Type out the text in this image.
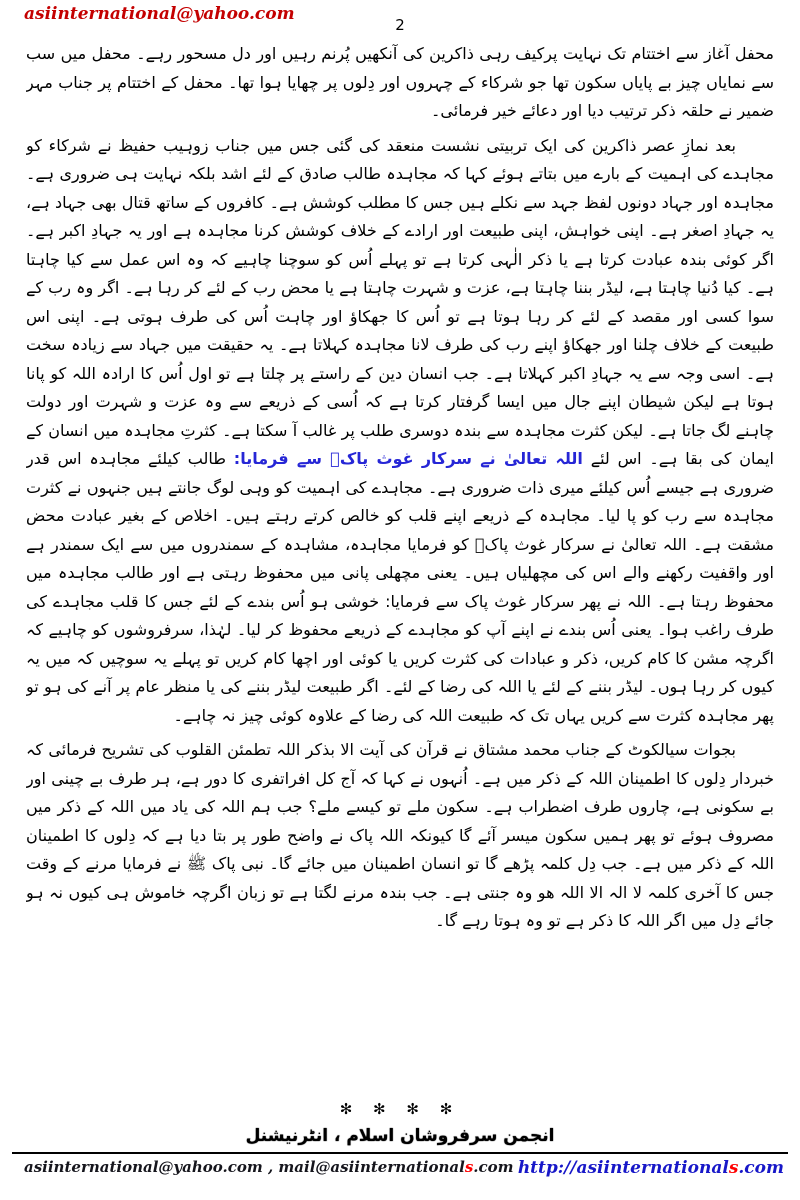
asiinternational@yahoo.com
2

محفل آغاز سے اختتام تک نہایت پرکیف رہی ذاکرین کی آنکھیں پُرنم رہیں اور دل مسحور رہے۔ محفل میں سب سے نمایاں چیز بے پایاں سکون تھا جو شرکاء کے چہروں اور دِلوں پر چھایا ہوا تھا۔ محفل کے اختتام پر جناب مہر ضمیر نے حلقہ ذکر ترتیب دیا اور دعائے خیر فرمائی۔

بعد نمازِ عصر ذاکرین کی ایک تربیتی نشست منعقد کی گئی جس میں جناب زوہیب حفیظ نے شرکاء کو مجاہدے کی اہمیت کے بارے میں بتاتے ہوئے کہا کہ مجاہدہ طالب صادق کے لئے اشد بلکہ نہایت ہی ضروری ہے۔ مجاہدہ اور جہاد دونوں لفظ جہد سے نکلے ہیں جس کا مطلب کوشش ہے۔ کافروں کے ساتھ قتال بھی جہاد ہے، یہ جہادِ اصغر ہے۔ اپنی خواہش، اپنی طبیعت اور ارادے کے خلاف کوشش کرنا مجاہدہ ہے اور یہ جہادِ اکبر ہے۔ اگر کوئی بندہ عبادت کرتا ہے یا ذکر الٰہی کرتا ہے تو پہلے اُس کو سوچنا چاہیے کہ وہ اس عمل سے کیا چاہتا ہے۔ کیا دُنیا چاہتا ہے، لیڈر بننا چاہتا ہے، عزت و شہرت چاہتا ہے یا محض رب کے لئے کر رہا ہے۔ اگر وہ رب کے سوا کسی اور مقصد کے لئے کر رہا ہوتا ہے تو اُس کا جھکاؤ اور چاہت اُس کی طرف ہوتی ہے۔ اپنی اس طبیعت کے خلاف چلنا اور جھکاؤ اپنے رب کی طرف لانا مجاہدہ کہلاتا ہے۔ یہ حقیقت میں جہاد سے زیادہ سخت ہے۔ اسی وجہ سے یہ جہادِ اکبر کہلاتا ہے۔ جب انسان دین کے راستے پر چلتا ہے تو اول اُس کا ارادہ اللہ کو پانا ہوتا ہے لیکن شیطان اپنے جال میں ایسا گرفتار کرتا ہے کہ اُسی کے ذریعے سے وہ عزت و شہرت اور دولت چاہنے لگ جاتا ہے۔ لیکن کثرت مجاہدہ سے بندہ دوسری طلب پر غالب آ سکتا ہے۔ کثرتِ مجاہدہ میں انسان کے ایمان کی بقا ہے۔ اس لئے اللہ تعالیٰ نے سرکار غوث پاکؓ سے فرمایا: طالب کیلئے مجاہدہ اس قدر ضروری ہے جیسے اُس کیلئے میری ذات ضروری ہے۔ مجاہدے کی اہمیت کو وہی لوگ جانتے ہیں جنہوں نے کثرت مجاہدہ سے رب کو پا لیا۔ مجاہدہ کے ذریعے اپنے قلب کو خالص کرتے رہتے ہیں۔ اخلاص کے بغیر عبادت محض مشقت ہے۔ اللہ تعالیٰ نے سرکار غوث پاکؓ کو فرمایا مجاہدہ، مشاہدہ کے سمندروں میں سے ایک سمندر ہے اور واقفیت رکھنے والے اس کی مچھلیاں ہیں۔ یعنی مچھلی پانی میں محفوظ رہتی ہے اور طالب مجاہدہ میں محفوظ رہتا ہے۔ اللہ نے پھر سرکار غوث پاک سے فرمایا: خوشی ہو اُس بندے کے لئے جس کا قلب مجاہدے کی طرف راغب ہوا۔ یعنی اُس بندے نے اپنے آپ کو مجاہدے کے ذریعے محفوظ کر لیا۔ لہٰذا، سرفروشوں کو چاہیے کہ اگرچہ مشن کا کام کریں، ذکر و عبادات کی کثرت کریں یا کوئی اور اچھا کام کریں تو پہلے یہ سوچیں کہ میں یہ کیوں کر رہا ہوں۔ لیڈر بننے کے لئے یا اللہ کی رضا کے لئے۔ اگر طبیعت لیڈر بننے کی یا منظر عام پر آنے کی ہو تو پھر مجاہدہ کثرت سے کریں یہاں تک کہ طبیعت اللہ کی رضا کے علاوہ کوئی چیز نہ چاہے۔

بجوات سیالکوٹ کے جناب محمد مشتاق نے قرآن کی آیت الا بذکر اللہ تطمئن القلوب کی تشریح فرمائی کہ خبردار دِلوں کا اطمینان اللہ کے ذکر میں ہے۔ اُنہوں نے کہا کہ آج کل افراتفری کا دور ہے، ہر طرف بے چینی اور بے سکونی ہے، چاروں طرف اضطراب ہے۔ سکون ملے تو کیسے ملے؟ جب ہم اللہ کی یاد میں اللہ کے ذکر میں مصروف ہوئے تو پھر ہمیں سکون میسر آئے گا کیونکہ اللہ پاک نے واضح طور پر بتا دیا ہے کہ دِلوں کا اطمینان اللہ کے ذکر میں ہے۔ جب دِل کلمہ پڑھے گا تو انسان اطمینان میں جائے گا۔ نبی پاک ﷺ نے فرمایا مرنے کے وقت جس کا آخری کلمہ لا الہ الا اللہ ھو وہ جنتی ہے۔ جب بندہ مرنے لگتا ہے تو زبان اگرچہ خاموش ہی کیوں نہ ہو جائے دِل میں اگر اللہ کا ذکر ہے تو وہ ہوتا رہے گا۔

✻ ✻ ✻ ✻
انجمن سرفروشان اسلام ، انٹرنیشنل
asiinternational@yahoo.com , mail@asiinternationals.com http://asiinternationals.com
